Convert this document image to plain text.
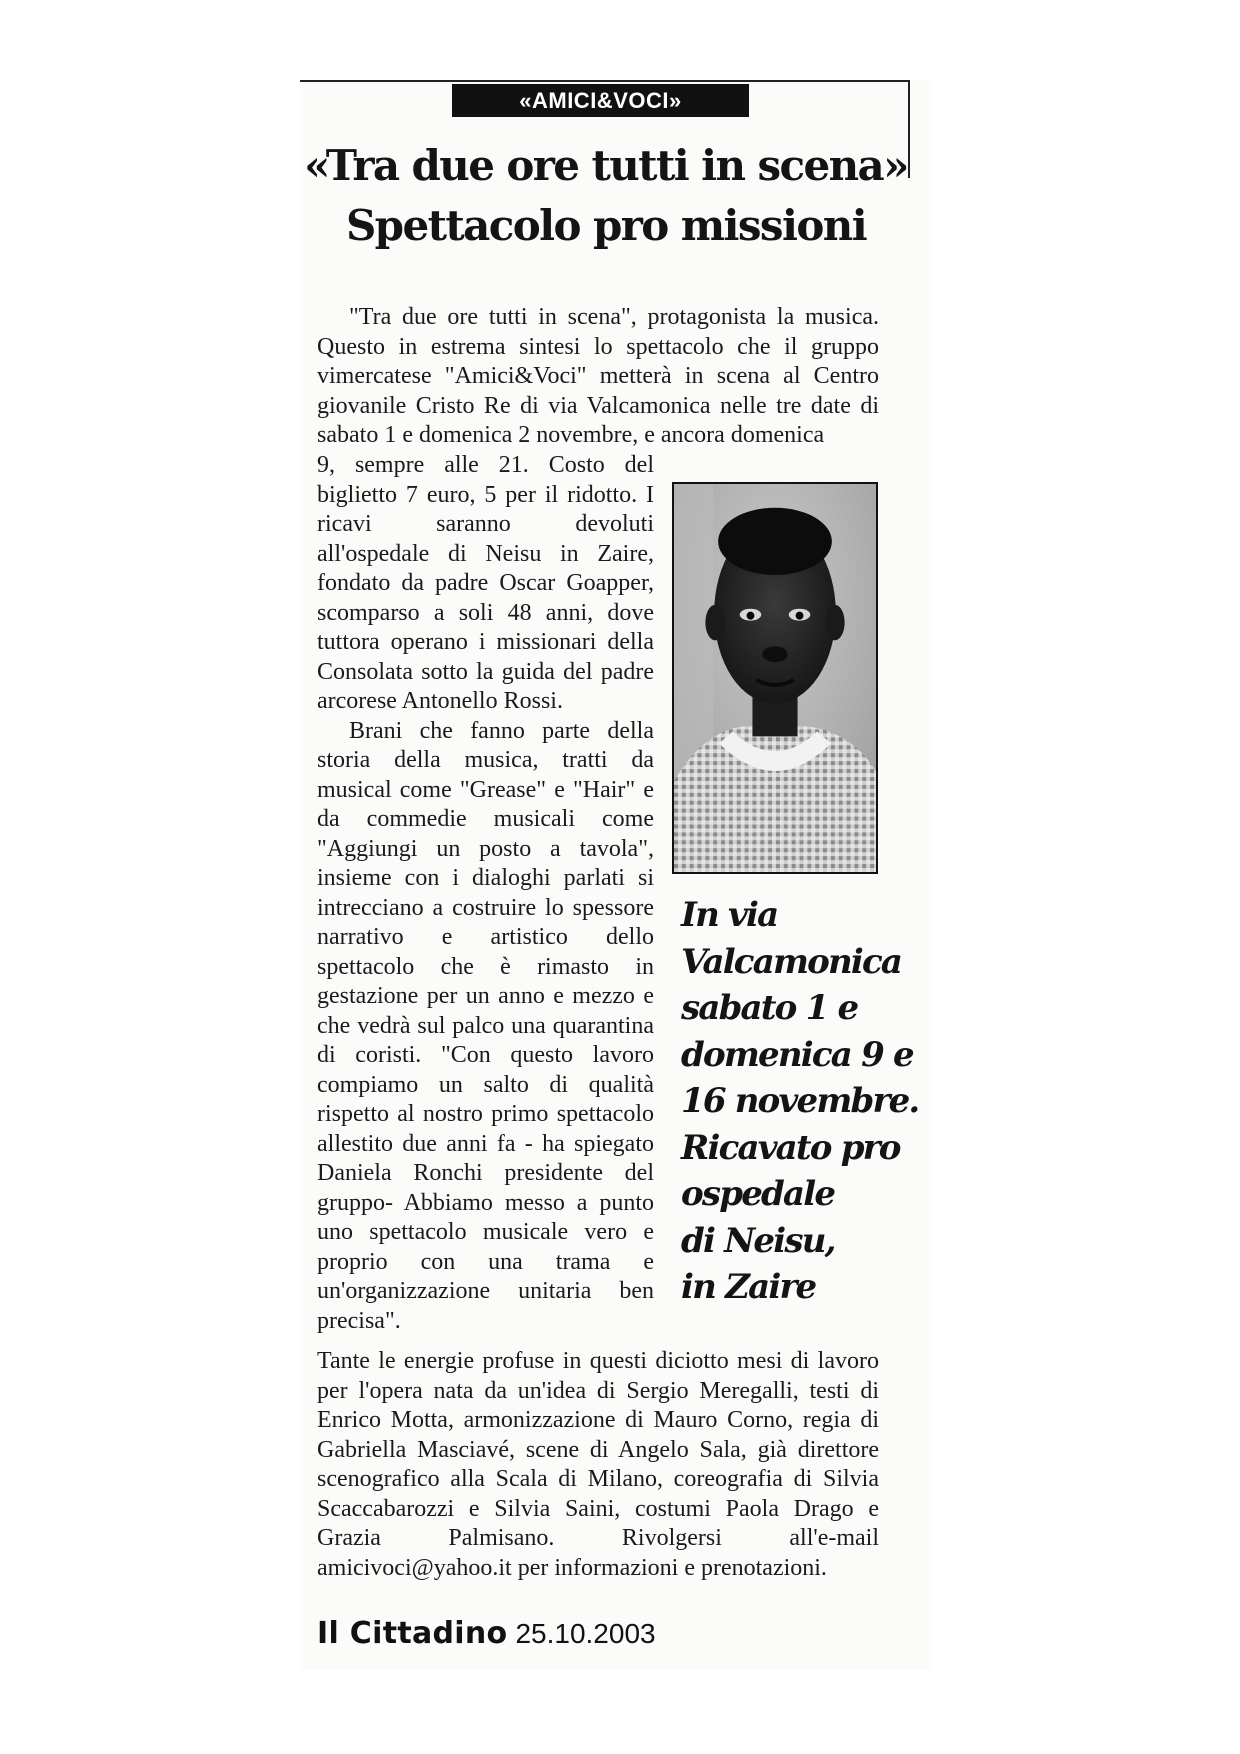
«AMICI&VOCI»
«Tra due ore tutti in scena»
Spettacolo pro missioni

"Tra due ore tutti in scena", protagonista la musica. Questo in estrema sintesi lo spettacolo che il gruppo vimercatese "Amici&Voci" metterà in scena al Centro giovanile Cristo Re di via Valcamonica nelle tre date di sabato 1 e domenica 2 novembre, e ancora domenica

9, sempre alle 21. Costo del biglietto 7 euro, 5 per il ridotto. I ricavi saranno devoluti all'ospedale di Neisu in Zaire, fondato da padre Oscar Goapper, scomparso a soli 48 anni, dove tuttora operano i missionari della Consolata sotto la guida del padre arcorese Antonello Rossi.

Brani che fanno parte della storia della musica, tratti da musical come "Grease" e "Hair" e da commedie musicali come "Aggiungi un posto a tavola", insieme con i dialoghi parlati si intrecciano a costruire lo spessore narrativo e artistico dello spettacolo che è rimasto in gestazione per un anno e mezzo e che vedrà sul palco una quarantina di coristi. "Con questo lavoro compiamo un salto di qualità rispetto al nostro primo spettacolo allestito due anni fa - ha spiegato Daniela Ronchi presidente del gruppo- Abbiamo messo a punto uno spettacolo musicale vero e proprio con una trama e un'organizzazione unitaria ben precisa".

In via
Valcamonica
sabato 1 e
domenica 9 e
16 novembre.
Ricavato pro
ospedale
di Neisu,
in Zaire

Tante le energie profuse in questi diciotto mesi di lavoro per l'opera nata da un'idea di Sergio Meregalli, testi di Enrico Motta, armonizzazione di Mauro Corno, regia di Gabriella Masciavé, scene di Angelo Sala, già direttore scenografico alla Scala di Milano, coreografia di Silvia Scaccabarozzi e Silvia Saini, costumi Paola Drago e Grazia Palmisano. Rivolgersi all'e-mail amicivoci@yahoo.it per informazioni e prenotazioni.

Il Cittadino 25.10.2003
